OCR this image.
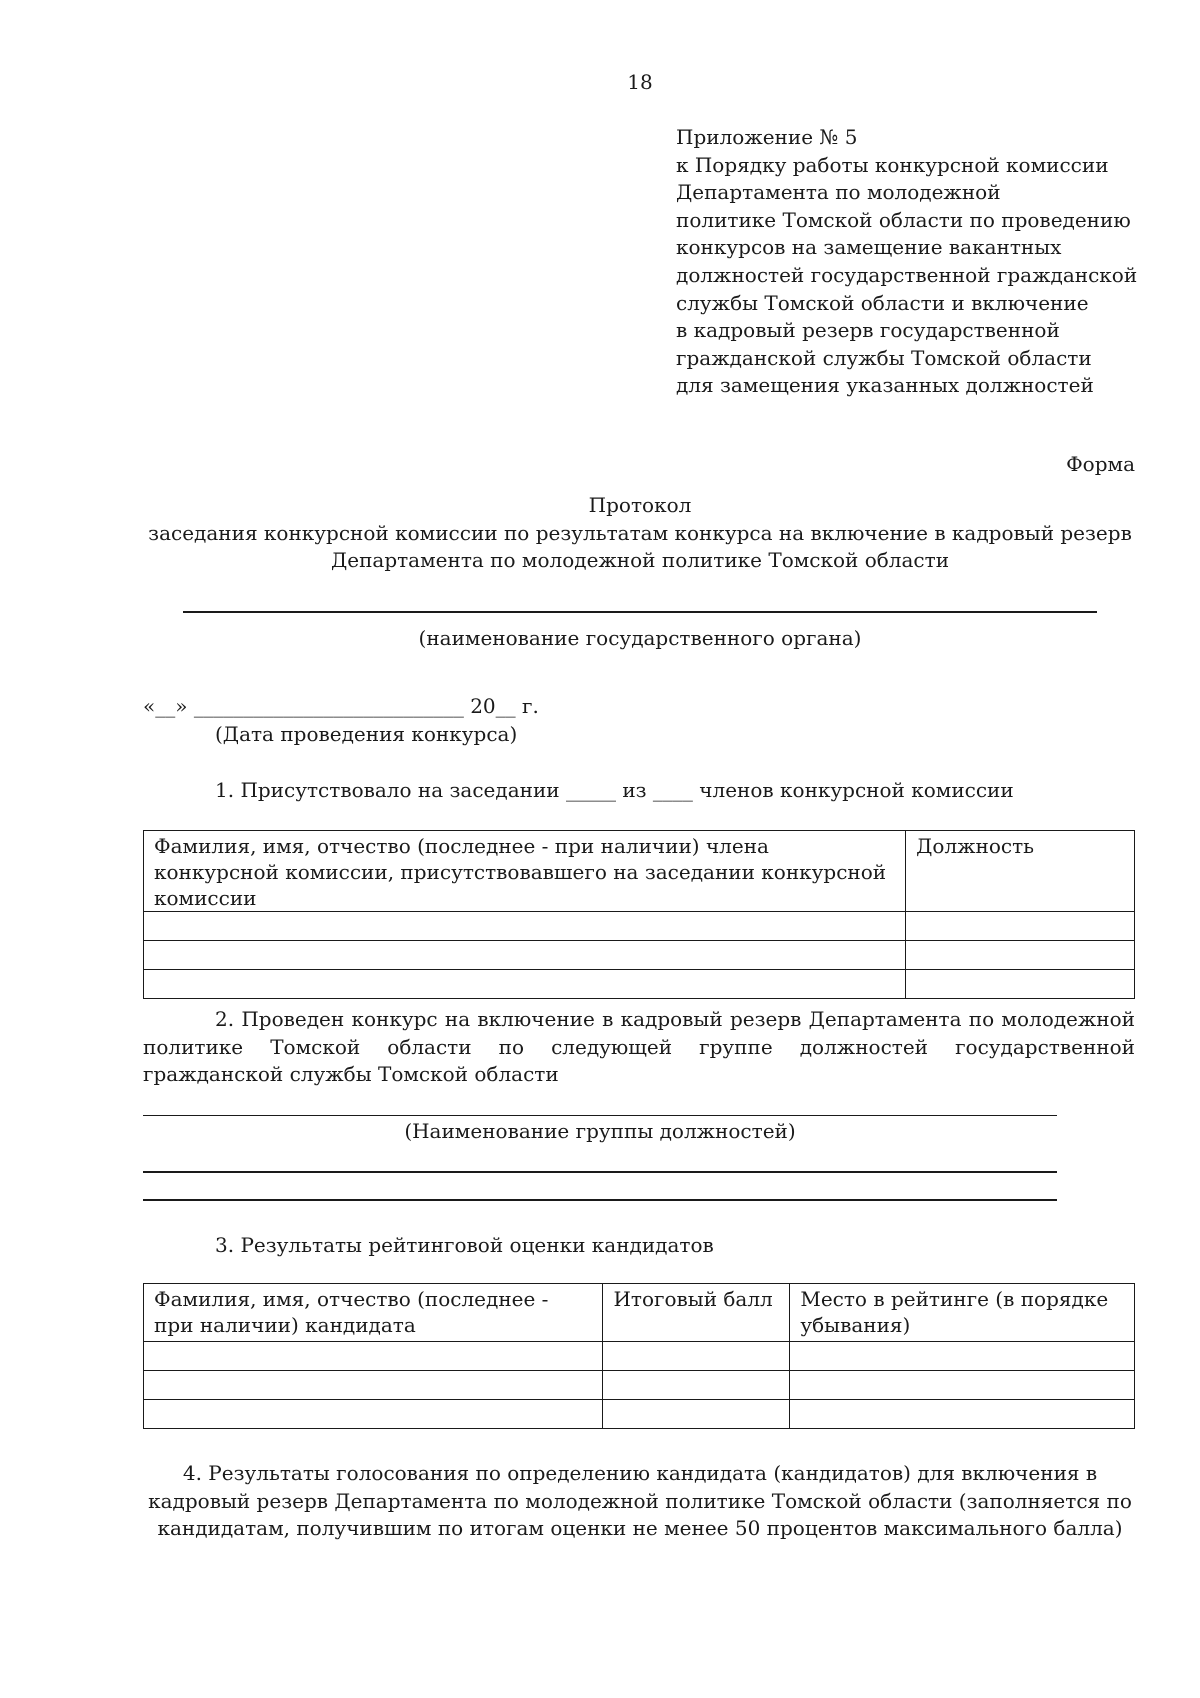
18
Приложение № 5
к Порядку работы конкурсной комиссии
Департамента по молодежной
политике Томской области по проведению
конкурсов на замещение вакантных
должностей государственной гражданской
службы Томской области и включение
в кадровый резерв государственной
гражданской службы Томской области
для замещения указанных должностей
Форма
Протокол
заседания конкурсной комиссии по результатам конкурса на включение в кадровый резерв
Департамента по молодежной политике Томской области
(наименование государственного органа)
«__» ___________________________ 20__ г.
(Дата проведения конкурса)
1. Присутствовало на заседании _____ из ____ членов конкурсной комиссии
Фамилия, имя, отчество (последнее - при наличии) члена конкурсной комиссии, присутствовавшего на заседании конкурсной комиссии	Должность

2. Проведен конкурс на включение в кадровый резерв Департамента по молодежной политике Томской области по следующей группе должностей государственной гражданской службы Томской области

(Наименование группы должностей)
3. Результаты рейтинговой оценки кандидатов
Фамилия, имя, отчество (последнее - при наличии) кандидата	Итоговый балл	Место в рейтинге (в порядке убывания)

4. Результаты голосования по определению кандидата (кандидатов) для включения в
кадровый резерв Департамента по молодежной политике Томской области (заполняется по
кандидатам, получившим по итогам оценки не менее 50 процентов максимального балла)
